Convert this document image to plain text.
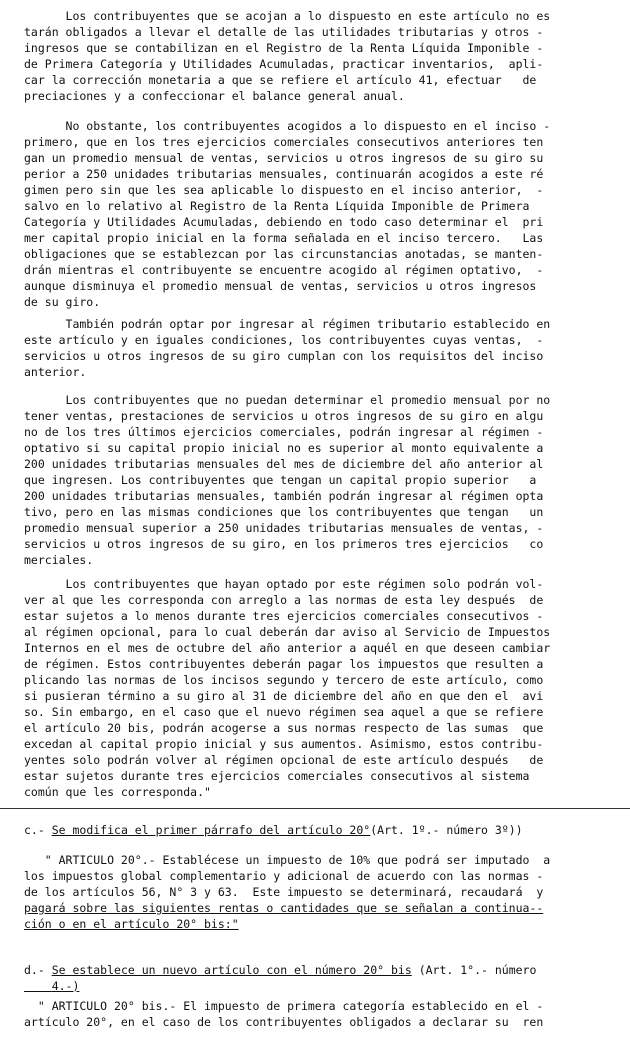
Los contribuyentes que se acojan a lo dispuesto en este artículo no es
tarán obligados a llevar el detalle de las utilidades tributarias y otros -
ingresos que se contabilizan en el Registro de la Renta Líquida Imponible -
de Primera Categoría y Utilidades Acumuladas, practicar inventarios,  apli-
car la corrección monetaria a que se refiere el artículo 41, efectuar   de
preciaciones y a confeccionar el balance general anual.
No obstante, los contribuyentes acogidos a lo dispuesto en el inciso -
primero, que en los tres ejercicios comerciales consecutivos anteriores ten
gan un promedio mensual de ventas, servicios u otros ingresos de su giro su
perior a 250 unidades tributarias mensuales, continuarán acogidos a este ré
gimen pero sin que les sea aplicable lo dispuesto en el inciso anterior,  -
salvo en lo relativo al Registro de la Renta Líquida Imponible de Primera
Categoría y Utilidades Acumuladas, debiendo en todo caso determinar el  pri
mer capital propio inicial en la forma señalada en el inciso tercero.   Las
obligaciones que se establezcan por las circunstancias anotadas, se manten-
drán mientras el contribuyente se encuentre acogido al régimen optativo,  -
aunque disminuya el promedio mensual de ventas, servicios u otros ingresos
de su giro.
También podrán optar por ingresar al régimen tributario establecido en
este artículo y en iguales condiciones, los contribuyentes cuyas ventas,  -
servicios u otros ingresos de su giro cumplan con los requisitos del inciso
anterior.
Los contribuyentes que no puedan determinar el promedio mensual por no
tener ventas, prestaciones de servicios u otros ingresos de su giro en algu
no de los tres últimos ejercicios comerciales, podrán ingresar al régimen -
optativo si su capital propio inicial no es superior al monto equivalente a
200 unidades tributarias mensuales del mes de diciembre del año anterior al
que ingresen. Los contribuyentes que tengan un capital propio superior   a
200 unidades tributarias mensuales, también podrán ingresar al régimen opta
tivo, pero en las mismas condiciones que los contribuyentes que tengan   un
promedio mensual superior a 250 unidades tributarias mensuales de ventas, -
servicios u otros ingresos de su giro, en los primeros tres ejercicios   co
merciales.
Los contribuyentes que hayan optado por este régimen solo podrán vol-
ver al que les corresponda con arreglo a las normas de esta ley después  de
estar sujetos a lo menos durante tres ejercicios comerciales consecutivos -
al régimen opcional, para lo cual deberán dar aviso al Servicio de Impuestos
Internos en el mes de octubre del año anterior a aquél en que deseen cambiar
de régimen. Estos contribuyentes deberán pagar los impuestos que resulten a
plicando las normas de los incisos segundo y tercero de este artículo, como
si pusieran término a su giro al 31 de diciembre del año en que den el  avi
so. Sin embargo, en el caso que el nuevo régimen sea aquel a que se refiere
el artículo 20 bis, podrán acogerse a sus normas respecto de las sumas  que
excedan al capital propio inicial y sus aumentos. Asimismo, estos contribu-
yentes solo podrán volver al régimen opcional de este artículo después   de
estar sujetos durante tres ejercicios comerciales consecutivos al sistema
común que les corresponda."
c.- Se modifica el primer párrafo del artículo 20°(Art. 1º.- número 3º))
" ARTICULO 20°.- Establécese un impuesto de 10% que podrá ser imputado  a
los impuestos global complementario y adicional de acuerdo con las normas -
de los artículos 56, N° 3 y 63.  Este impuesto se determinará, recaudará  y
pagará sobre las siguientes rentas o cantidades que se señalan a continua--
ción o en el artículo 20° bis:"
d.- Se establece un nuevo artículo con el número 20° bis (Art. 1°.- número
4.-)
" ARTICULO 20° bis.- El impuesto de primera categoría establecido en el -
artículo 20°, en el caso de los contribuyentes obligados a declarar su  ren
